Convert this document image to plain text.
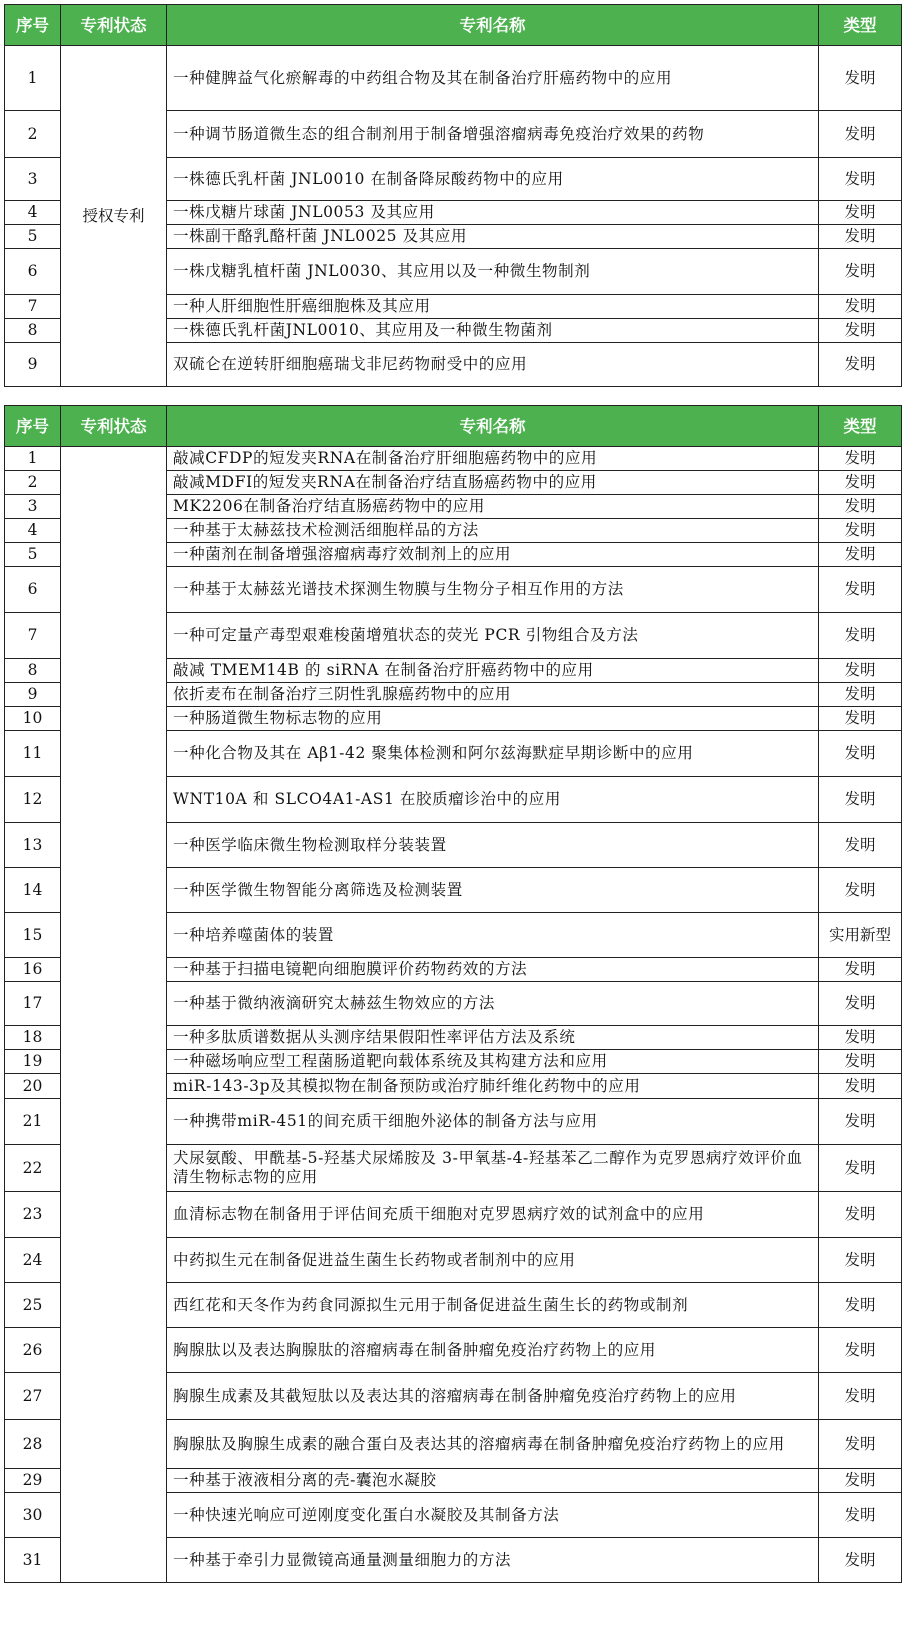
序号	专利状态	专利名称	类型
1	授权专利	一种健脾益气化瘀解毒的中药组合物及其在制备治疗肝癌药物中的应用	发明
2		一种调节肠道微生态的组合制剂用于制备增强溶瘤病毒免疫治疗效果的药物	发明
3		一株德氏乳杆菌 JNL0010 在制备降尿酸药物中的应用	发明
4		一株戊糖片球菌 JNL0053 及其应用	发明
5		一株副干酪乳酪杆菌 JNL0025 及其应用	发明
6		一株戊糖乳植杆菌 JNL0030、其应用以及一种微生物制剂	发明
7		一种人肝细胞性肝癌细胞株及其应用	发明
8		一株德氏乳杆菌JNL0010、其应用及一种微生物菌剂	发明
9		双硫仑在逆转肝细胞癌瑞戈非尼药物耐受中的应用	发明
序号	专利状态	专利名称	类型
1		敲减CFDP的短发夹RNA在制备治疗肝细胞癌药物中的应用	发明
2		敲减MDFI的短发夹RNA在制备治疗结直肠癌药物中的应用	发明
3		MK2206在制备治疗结直肠癌药物中的应用	发明
4		一种基于太赫兹技术检测活细胞样品的方法	发明
5		一种菌剂在制备增强溶瘤病毒疗效制剂上的应用	发明
6		一种基于太赫兹光谱技术探测生物膜与生物分子相互作用的方法	发明
7		一种可定量产毒型艰难梭菌增殖状态的荧光 PCR 引物组合及方法	发明
8		敲减 TMEM14B 的 siRNA 在制备治疗肝癌药物中的应用	发明
9		依折麦布在制备治疗三阴性乳腺癌药物中的应用	发明
10		一种肠道微生物标志物的应用	发明
11		一种化合物及其在 Aβ1-42 聚集体检测和阿尔兹海默症早期诊断中的应用	发明
12		WNT10A 和 SLCO4A1-AS1 在胶质瘤诊治中的应用	发明
13		一种医学临床微生物检测取样分装装置	发明
14		一种医学微生物智能分离筛选及检测装置	发明
15		一种培养噬菌体的装置	实用新型
16		一种基于扫描电镜靶向细胞膜评价药物药效的方法	发明
17		一种基于微纳液滴研究太赫兹生物效应的方法	发明
18		一种多肽质谱数据从头测序结果假阳性率评估方法及系统	发明
19		一种磁场响应型工程菌肠道靶向载体系统及其构建方法和应用	发明
20		miR-143-3p及其模拟物在制备预防或治疗肺纤维化药物中的应用	发明
21		一种携带miR-451的间充质干细胞外泌体的制备方法与应用	发明
22		犬尿氨酸、甲酰基-5-羟基犬尿烯胺及 3-甲氧基-4-羟基苯乙二醇作为克罗恩病疗效评价血清生物标志物的应用	发明
23		血清标志物在制备用于评估间充质干细胞对克罗恩病疗效的试剂盒中的应用	发明
24		中药拟生元在制备促进益生菌生长药物或者制剂中的应用	发明
25		西红花和天冬作为药食同源拟生元用于制备促进益生菌生长的药物或制剂	发明
26		胸腺肽以及表达胸腺肽的溶瘤病毒在制备肿瘤免疫治疗药物上的应用	发明
27		胸腺生成素及其截短肽以及表达其的溶瘤病毒在制备肿瘤免疫治疗药物上的应用	发明
28		胸腺肽及胸腺生成素的融合蛋白及表达其的溶瘤病毒在制备肿瘤免疫治疗药物上的应用	发明
29		一种基于液液相分离的壳-囊泡水凝胶	发明
30		一种快速光响应可逆刚度变化蛋白水凝胶及其制备方法	发明
31		一种基于牵引力显微镜高通量测量细胞力的方法	发明
